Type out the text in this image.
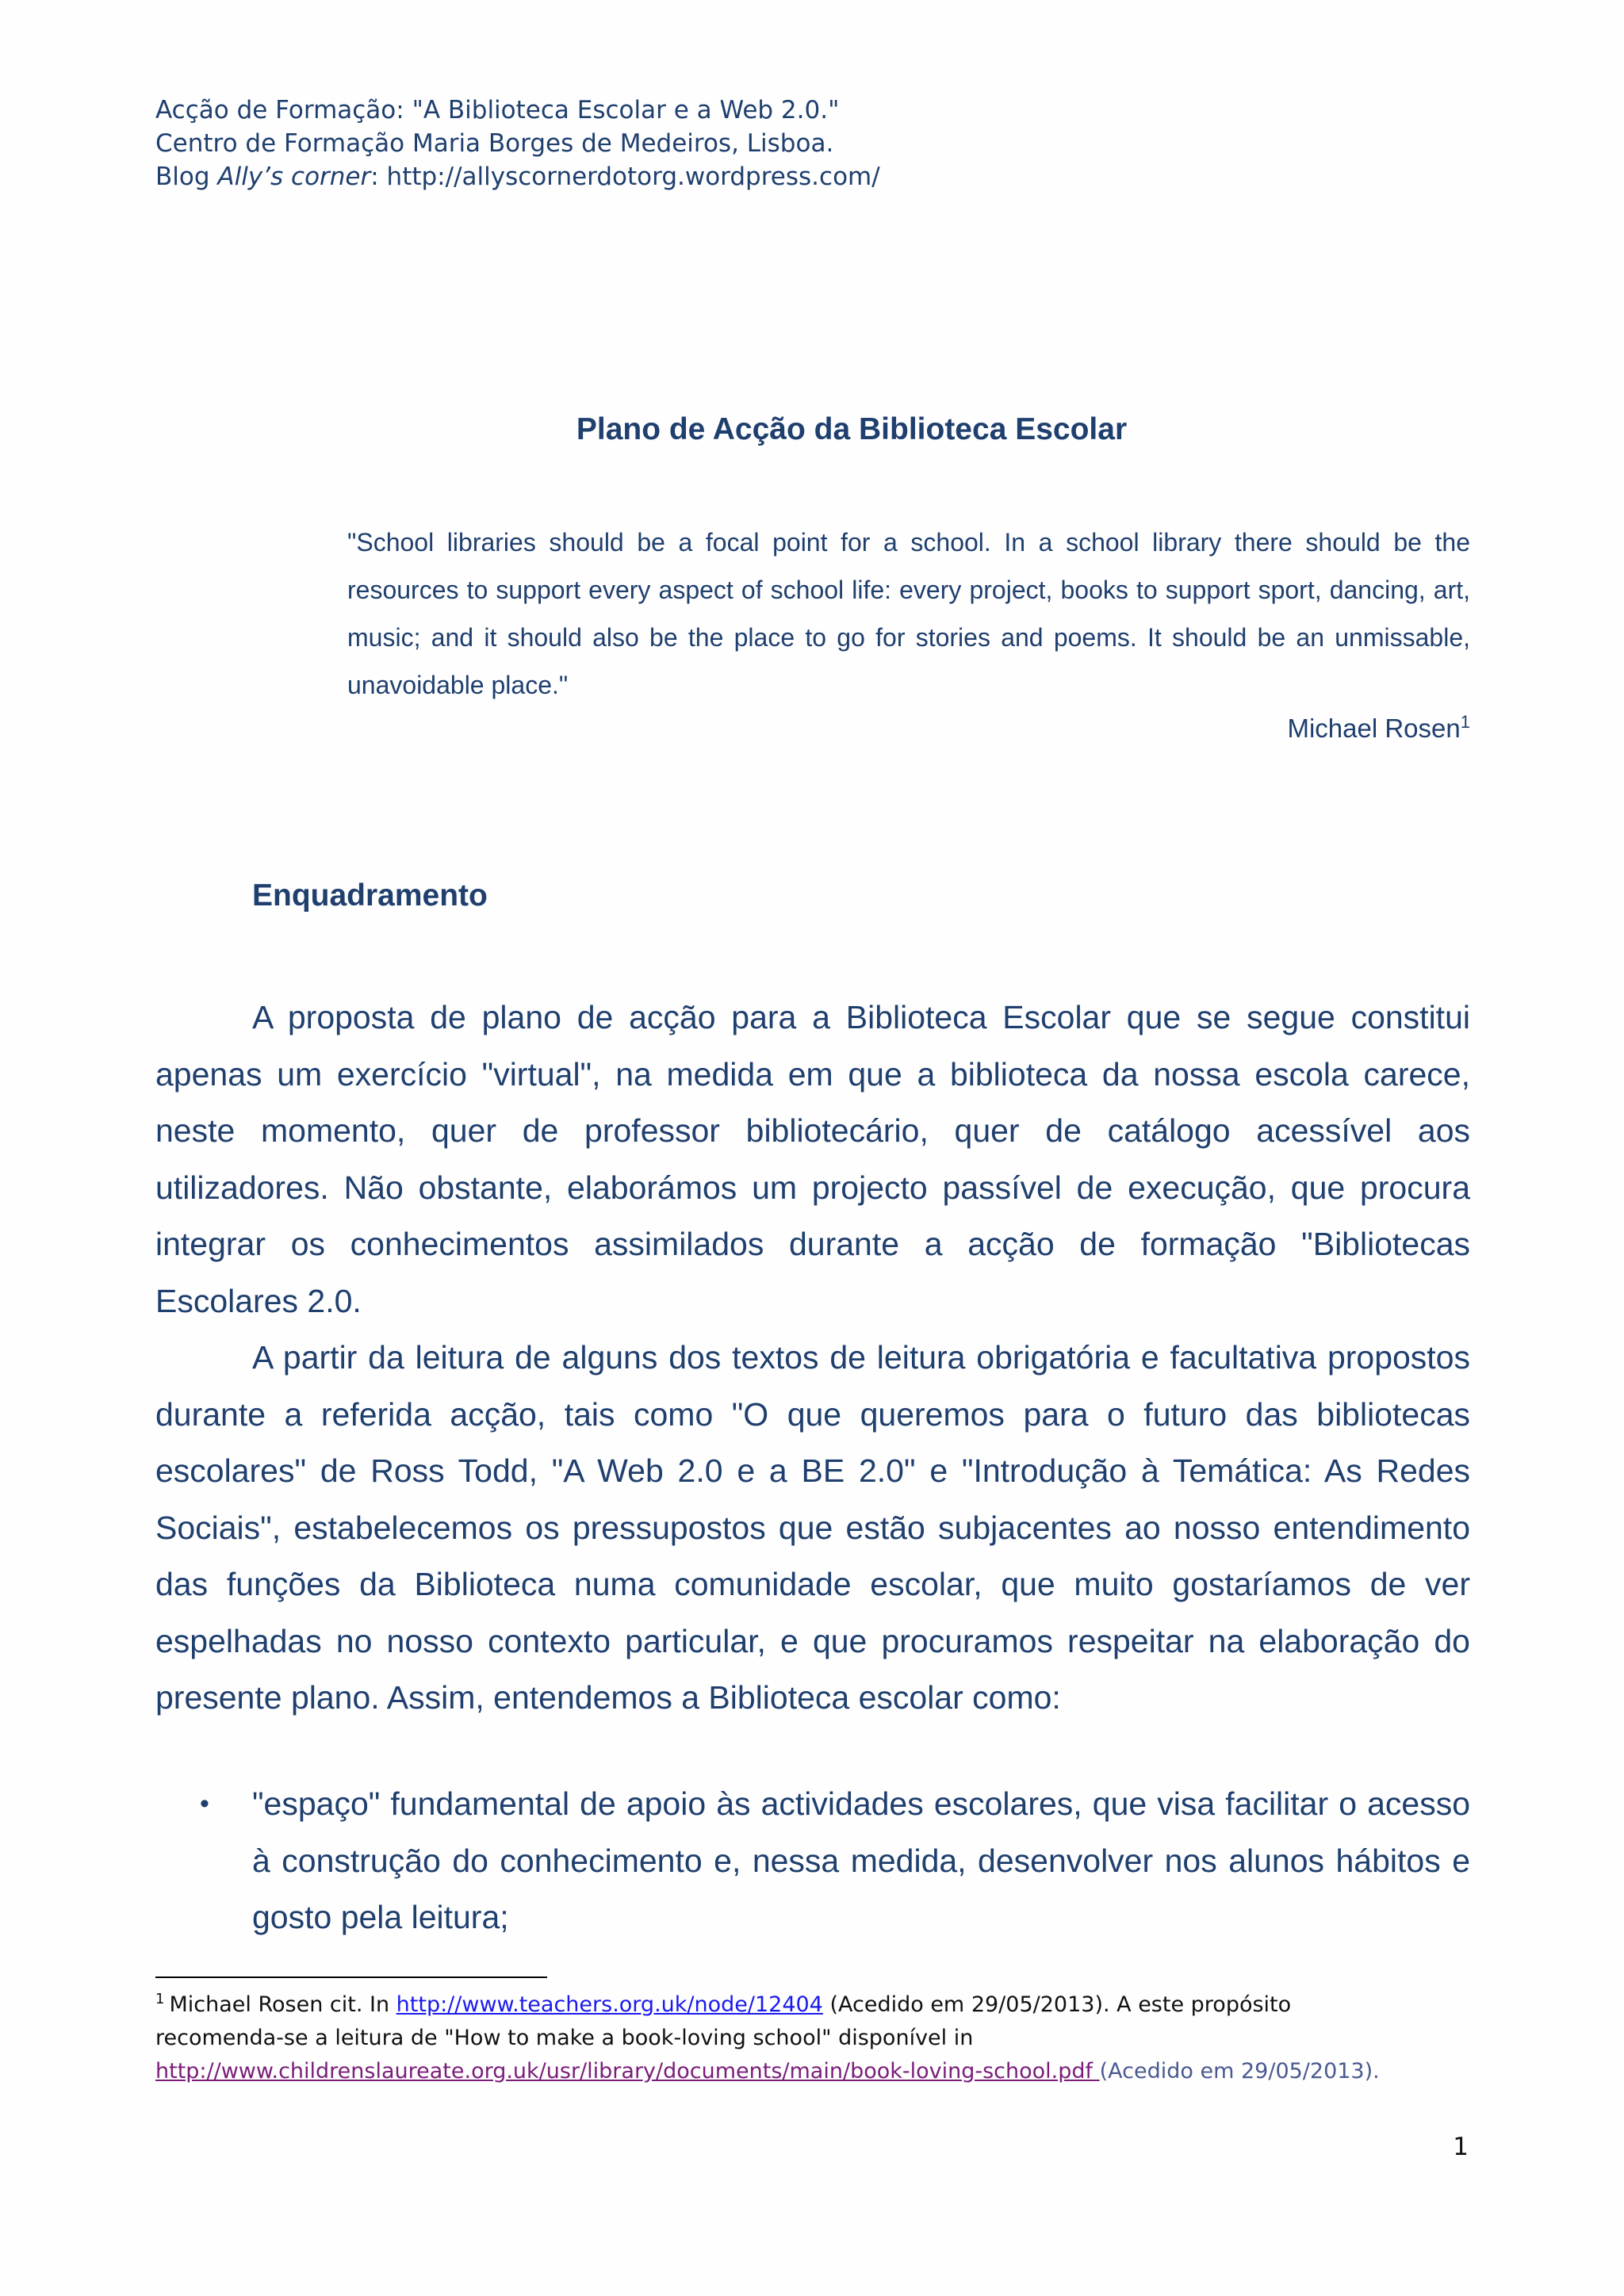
Acção de Formação: "A Biblioteca Escolar e a Web 2.0."
Centro de Formação Maria Borges de Medeiros, Lisboa.
Blog Ally’s corner: http://allyscornerdotorg.wordpress.com/
Plano de Acção da Biblioteca Escolar
"School libraries should be a focal point for a school. In a school library there should be the resources to support every aspect of school life: every project, books to support sport, dancing, art, music; and it should also be the place to go for stories and poems. It should be an unmissable, unavoidable place."
Michael Rosen$^1$
Enquadramento

A proposta de plano de acção para a Biblioteca Escolar que se segue constitui apenas um exercício "virtual", na medida em que a biblioteca da nossa escola carece, neste momento, quer de professor bibliotecário, quer de catálogo acessível aos utilizadores. Não obstante, elaborámos um projecto passível de execução, que procura integrar os conhecimentos assimilados durante a acção de formação "Bibliotecas Escolares 2.0.

A partir da leitura de alguns dos textos de leitura obrigatória e facultativa propostos durante a referida acção, tais como "O que queremos para o futuro das bibliotecas escolares" de Ross Todd, "A Web 2.0 e a BE 2.0" e "Introdução à Temática: As Redes Sociais", estabelecemos os pressupostos que estão subjacentes ao nosso entendimento das funções da Biblioteca numa comunidade escolar, que muito gostaríamos de ver espelhadas no nosso contexto particular, e que procuramos respeitar na elaboração do presente plano. Assim, entendemos a Biblioteca escolar como:

• "espaço" fundamental de apoio às actividades escolares, que visa facilitar o acesso à construção do conhecimento e, nessa medida, desenvolver nos alunos hábitos e gosto pela leitura;
$^1$ Michael Rosen cit. In http://www.teachers.org.uk/node/12404 (Acedido em 29/05/2013). A este propósito
recomenda-se a leitura de "How to make a book-loving school" disponível in
http://www.childrenslaureate.org.uk/usr/library/documents/main/book-loving-school.pdf (Acedido em 29/05/2013).
1
